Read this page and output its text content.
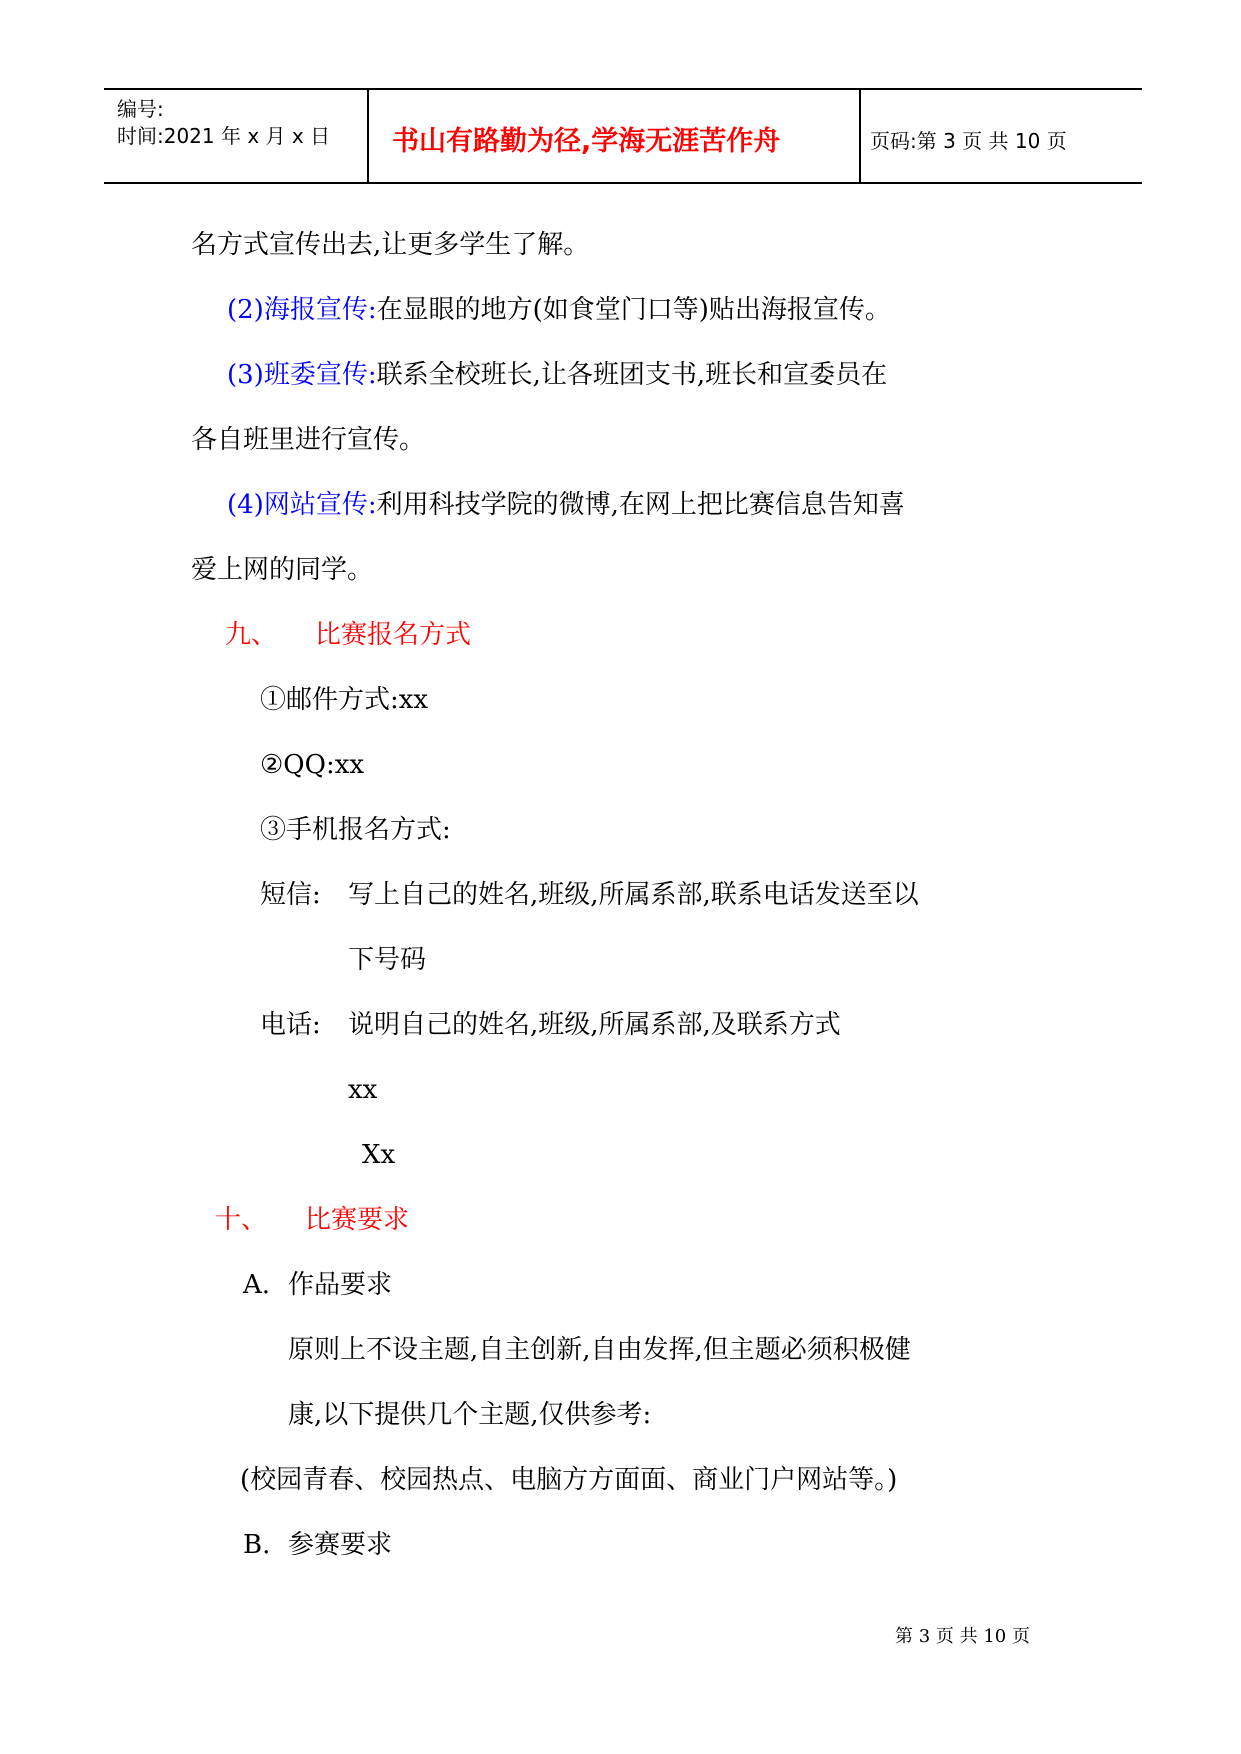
编号:
时间:2021 年 x 月 x 日 书山有路勤为径,学海无涯苦作舟	页码:第 3 页 共 10 页
名方式宣传出去,让更多学生了解。
(2)海报宣传:在显眼的地方(如食堂门口等)贴出海报宣传。
(3)班委宣传:联系全校班长,让各班团支书,班长和宣委员在
各自班里进行宣传。
(4)网站宣传:利用科技学院的微博,在网上把比赛信息告知喜
爱上网的同学。
九、 比赛报名方式
①邮件方式:xx
②QQ:xx
③手机报名方式:
短信: 写上自己的姓名,班级,所属系部,联系电话发送至以
下号码
电话: 说明自己的姓名,班级,所属系部,及联系方式
xx
Xx
十、 比赛要求
A. 作品要求
原则上不设主题,自主创新,自由发挥,但主题必须积极健
康,以下提供几个主题,仅供参考:
(校园青春、校园热点、电脑方方面面、商业门户网站等。)
B. 参赛要求
第 3 页 共 10 页
